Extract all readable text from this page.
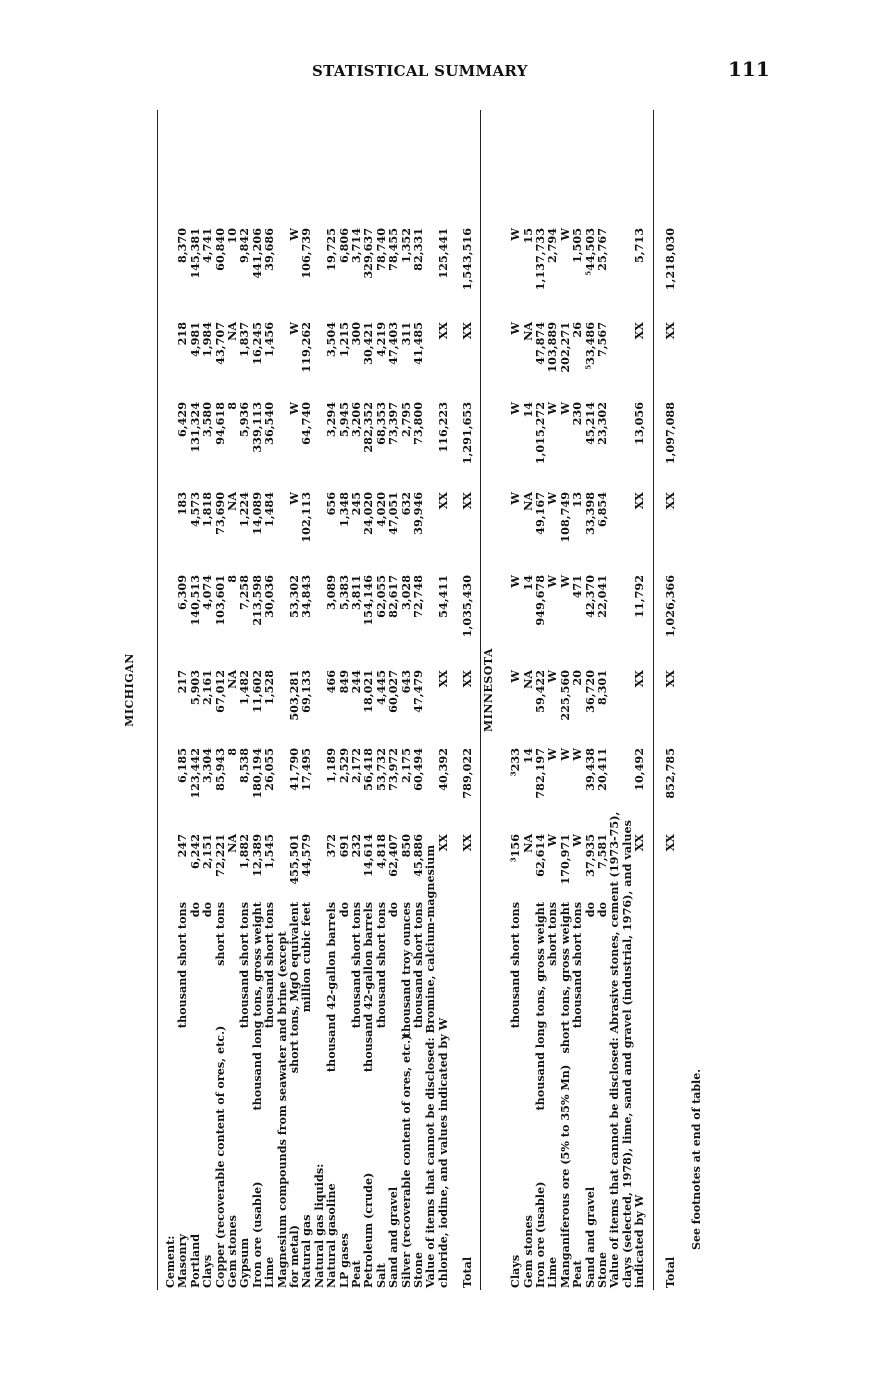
STATISTICAL SUMMARY	111
MICHIGAN
Cement:
Masonry
thousand short tons
247
6,185
217
6,309
183
6,429
218
8,370
Portland
do
6,242
123,442
5,903
140,513
4,573
131,324
4,981
145,381
Clays
do
2,151
3,304
2,161
4,074
1,818
3,580
1,984
4,741
Copper (recoverable content of ores, etc.)
short tons
72,221
85,943
67,012
103,601
73,690
94,618
43,707
60,840
Gem stones
NA
8
NA
8
NA
8
NA
10
Gypsum
thousand short tons
1,882
8,538
1,482
7,258
1,224
5,936
1,837
9,842
Iron ore (usable)
thousand long tons, gross weight
12,389
180,194
11,602
213,598
14,089
339,113
16,245
441,206
Lime
thousand short tons
1,545
26,055
1,528
30,036
1,484
36,540
1,456
39,686
Magnesium compounds from seawater and brine (except
for metal)
short tons, MgO equivalent
455,501
41,790
503,281
53,302
W
W
W
W
Natural gas
million cubic feet
44,579
17,495
69,133
34,843
102,113
64,740
119,262
106,739
Natural gas liquids:
Natural gasoline
thousand 42-gallon barrels
372
1,189
466
3,089
656
3,294
3,504
19,725
LP gases
do
691
2,529
849
5,383
1,348
5,945
1,215
6,806
Peat
thousand short tons
232
2,172
244
3,811
245
3,206
300
3,714
Petroleum (crude)
thousand 42-gallon barrels
14,614
56,418
18,021
154,146
24,020
282,352
30,421
329,637
Salt
thousand short tons
4,818
53,732
4,445
62,055
4,020
68,353
4,219
78,740
Sand and gravel
do
62,407
73,972
60,027
82,617
47,051
73,397
47,403
78,455
Silver (recoverable content of ores, etc.)
thousand troy ounces
850
2,175
643
3,028
632
2,795
311
1,352
Stone
thousand short tons
45,886
60,494
47,479
72,748
39,946
73,800
41,485
82,331
Value of items that cannot be disclosed: Bromine, calcium-magnesium
chloride, iodine, and values indicated by W
XX
40,392
XX
54,411
XX
116,223
XX
125,441
Total
XX
789,022
XX
1,035,430
XX
1,291,653
XX
1,543,516
MINNESOTA
Clays
thousand short tons
³156
³233
W
W
W
W
W
W
Gem stones
NA
14
NA
14
NA
14
NA
15
Iron ore (usable)
thousand long tons, gross weight
62,614
782,197
59,422
949,678
49,167
1,015,272
47,874
1,137,733
Lime
short tons
W
W
W
W
W
W
103,889
2,794
Manganiferous ore (5% to 35% Mn)
short tons, gross weight
170,971
W
225,560
W
108,749
W
202,271
W
Peat
thousand short tons
W
W
20
471
13
230
26
1,505
Sand and gravel
do
37,935
39,438
36,720
42,370
33,398
45,214
⁵33,486
⁵44,503
Stone
do
7,581
20,411
8,301
22,041
6,854
23,302
7,567
25,767
Value of items that cannot be disclosed: Abrasive stones, cement (1973-75),
clays (selected, 1978), lime, sand and gravel (industrial, 1976), and values
indicated by W
XX
10,492
XX
11,792
XX
13,056
XX
5,713
Total
XX
852,785
XX
1,026,366
XX
1,097,088
XX
1,218,030
See footnotes at end of table.
